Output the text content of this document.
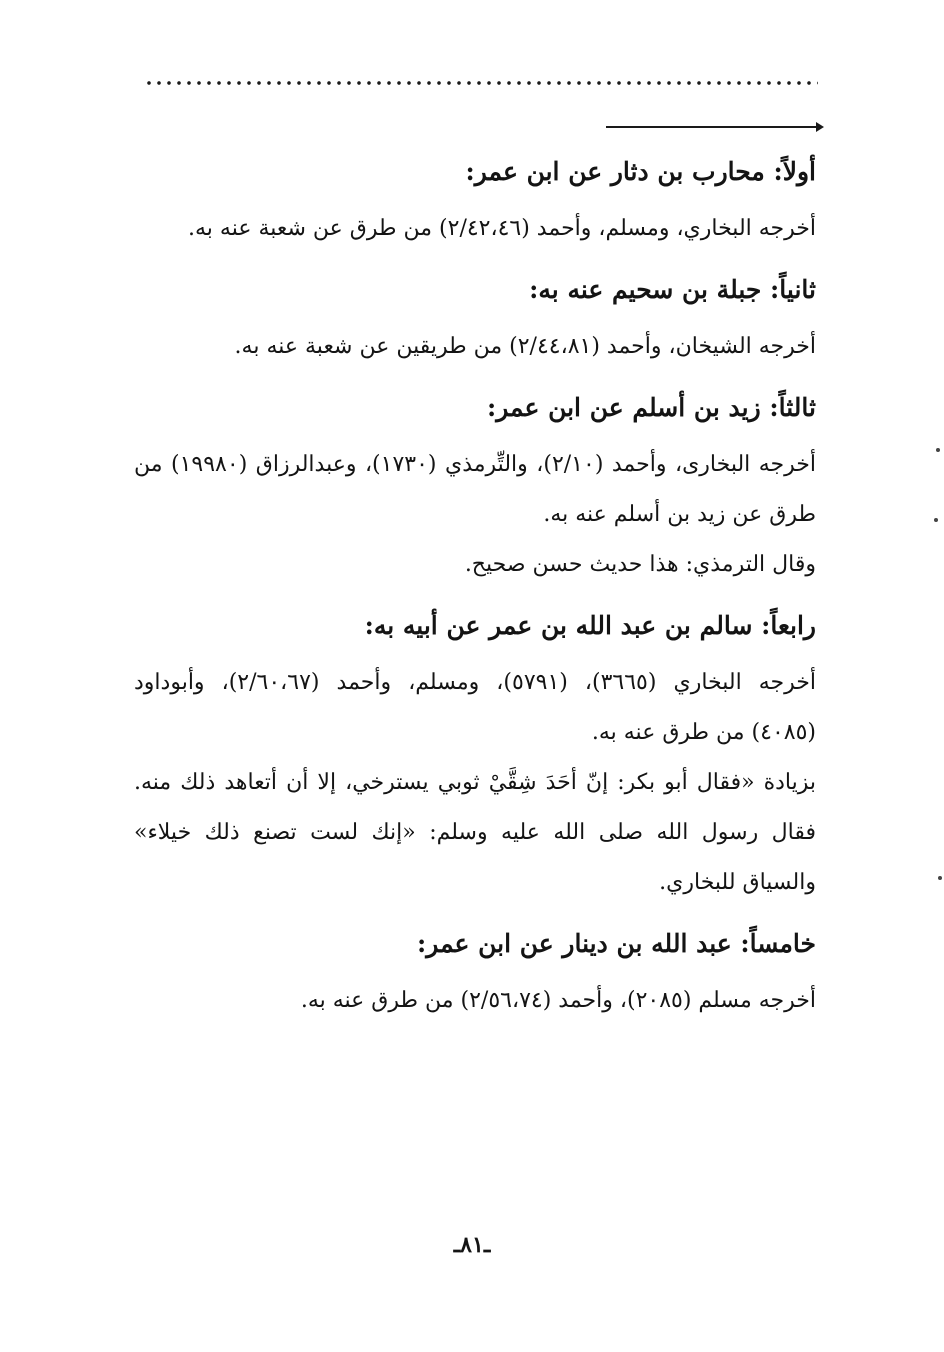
أولاً: محارب بن دثار عن ابن عمر:

أخرجه البخاري، ومسلم، وأحمد (٢/٤٢،٤٦) من طرق عن شعبة عنه به.

ثانياً: جبلة بن سحيم عنه به:

أخرجه الشيخان، وأحمد (٢/٤٤،٨١) من طريقين عن شعبة عنه به.

ثالثاً: زيد بن أسلم عن ابن عمر:

أخرجه البخارى، وأحمد (٢/١٠)، والتِّرمذي (١٧٣٠)، وعبدالرزاق (١٩٩٨٠) من طرق عن زيد بن أسلم عنه به.

وقال الترمذي: هذا حديث حسن صحيح.

رابعاً: سالم بن عبد الله بن عمر عن أبيه به:

أخرجه البخاري (٣٦٦٥)، (٥٧٩١)، ومسلم، وأحمد (٢/٦٠،٦٧)، وأبوداود (٤٠٨٥) من طرق عنه به.

بزيادة «فقال أبو بكر: إنّ أحَدَ شِقَّيْ ثوبي يسترخي، إلا أن أتعاهد ذلك منه. فقال رسول الله صلى الله عليه وسلم: «إنك لست تصنع ذلك خيلاء» والسياق للبخاري.

خامساً: عبد الله بن دينار عن ابن عمر:

أخرجه مسلم (٢٠٨٥)، وأحمد (٢/٥٦،٧٤) من طرق عنه به.

ـ٨١ـ
